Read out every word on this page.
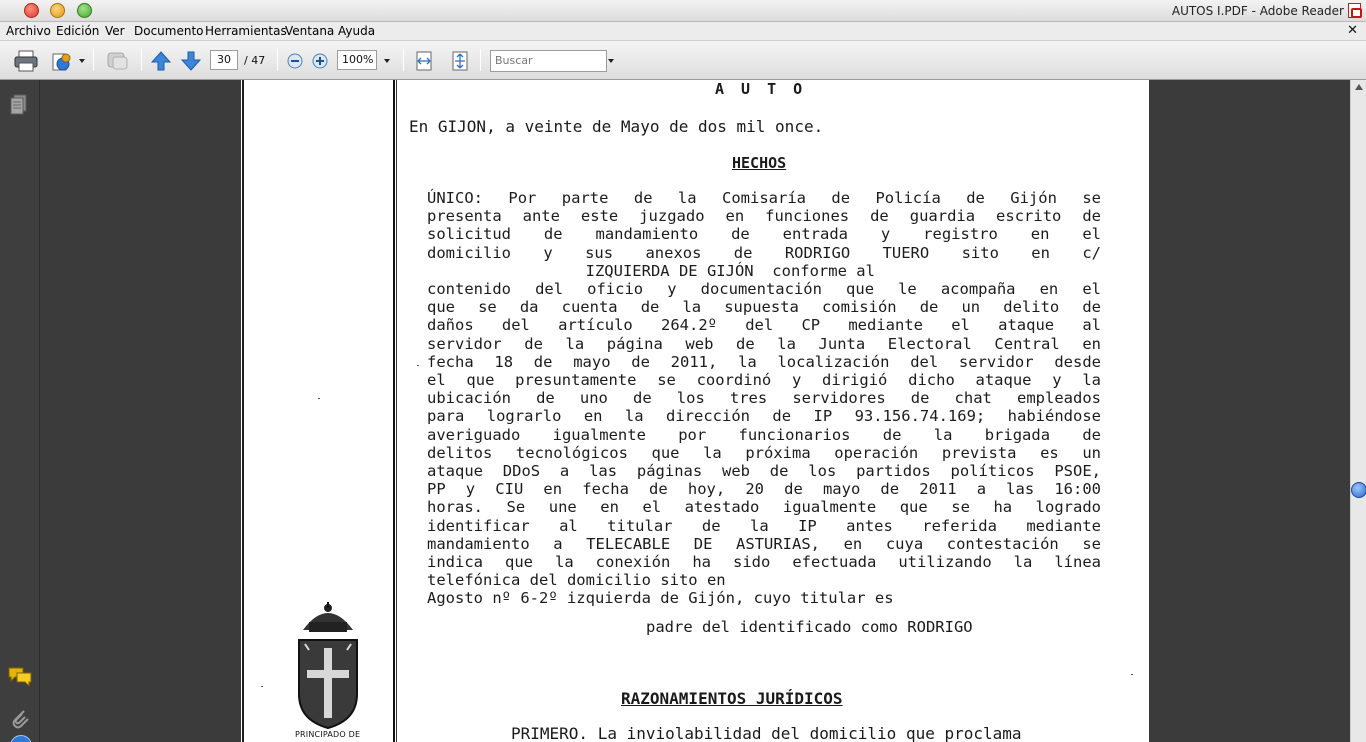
AUTOS I.PDF - Adobe Reader
Archivo Edición Ver Documento Herramientas
Ventana Ayuda	✕
30	/ 47	100%	Buscar
A U T O
En GIJON, a veinte de Mayo de dos mil once.
HECHOS
ÚNICO: Por parte de la Comisaría de Policía de Gijón se
presenta ante este juzgado en funciones de guardia escrito de
solicitud de mandamiento de entrada y registro en el
domicilio y sus anexos de RODRIGO TUERO sito en c/
IZQUIERDA DE GIJÓN  conforme al
contenido del oficio y documentación que le acompaña en el
que se da cuenta de la supuesta comisión de un delito de
daños del artículo 264.2º del CP mediante el ataque al
servidor de la página web de la Junta Electoral Central en
fecha 18 de mayo de 2011, la localización del servidor desde
el que presuntamente se coordinó y dirigió dicho ataque y la
ubicación de uno de los tres servidores de chat empleados
para lograrlo en la dirección de IP 93.156.74.169; habiéndose
averiguado igualmente por funcionarios de la brigada de
delitos tecnológicos que la próxima operación prevista es un
ataque DDoS a las páginas web de los partidos políticos PSOE,
PP y CIU en fecha de hoy, 20 de mayo de 2011 a las 16:00
horas. Se une en el atestado igualmente que se ha logrado
identificar al titular de la IP antes referida mediante
mandamiento a TELECABLE DE ASTURIAS, en cuya contestación se
indica que la conexión ha sido efectuada utilizando la línea
telefónica del domicilio sito en
Agosto nº 6-2º izquierda de Gijón, cuyo titular es
padre del identificado como RODRIGO
RAZONAMIENTOS JURÍDICOS
PRIMERO. La inviolabilidad del domicilio que proclama
PRINCIPADO DE
